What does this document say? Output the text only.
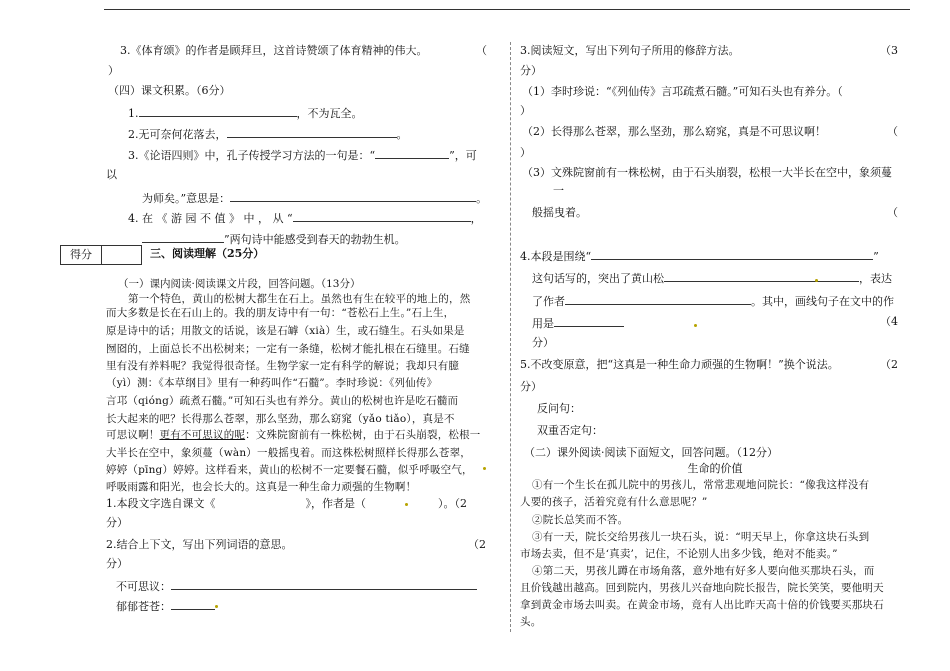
3.《体育颂》的作者是顾拜旦，这首诗赞颂了体育精神的伟大。	（
）
（四）课文积累。（6分）
1.	，不为瓦全。
2.无可奈何花落去，	。
3.《论语四则》中，孔子传授学习方法的一句是：“	”，可
以
为师矣。”意思是：	。
4. 在 《 游 园 不 值 》 中 ， 从 “	，
”两句诗中能感受到春天的勃勃生机。
得分	三、阅读理解（25分）
（一）课内阅读·阅读课文片段，回答问题。（13分）
第一个特色，黄山的松树大都生在石上。虽然也有生在较平的地上的，然
而大多数是长在石山上的。我的朋友诗中有一句：“苍松石上生。”石上生，
原是诗中的话；用散文的话说，该是石罅（xià）生，或石缝生。石头如果是
囫囵的，上面总长不出松树来；一定有一条缝，松树才能扎根在石缝里。石缝
里有没有养料呢？我觉得很奇怪。生物学家一定有科学的解说；我却只有臆
（yì）测：《本草纲目》里有一种药叫作“石髓”。李时珍说：《列仙传》
言邛（qióng）疏煮石髓。”可知石头也有养分。黄山的松树也许是吃石髓而
长大起来的吧？长得那么苍翠，那么坚劲，那么窈窕（yǎo tiǎo），真是不
可思议啊！更有不可思议的呢：文殊院窗前有一株松树，由于石头崩裂，松根一
大半长在空中，象须蔓（wàn）一般摇曳着。而这株松树照样长得那么苍翠，
婷婷（pīng）婷婷。这样看来，黄山的松树不一定要餐石髓，似乎呼吸空气，
呼吸雨露和阳光，也会长大的。这真是一种生命力顽强的生物啊！
1.本段文字选自课文《	》，作者是（	）。（2
分）
2.结合上下文，写出下列词语的意思。	（2
分）
不可思议：
郁郁苍苍：
3.阅读短文，写出下列句子所用的修辞方法。	（3
分）
（1）李时珍说：“《列仙传》言邛疏煮石髓。”可知石头也有养分。（
）
（2）长得那么苍翠，那么坚劲，那么窈窕，真是不可思议啊！	（
）
（3）文殊院窗前有一株松树，由于石头崩裂，松根一大半长在空中，象须蔓
一
般摇曳着。	（
4.本段是围绕“	”
这句话写的，突出了黄山松	，表达
了作者	。其中，画线句子在文中的作
用是	（4
分）
5.不改变原意，把“这真是一种生命力顽强的生物啊！”换个说法。	（2
分）
反问句：
双重否定句：
（二）课外阅读·阅读下面短文，回答问题。（12分）
生命的价值
①有一个生长在孤儿院中的男孩儿，常常悲观地问院长：“像我这样没有
人要的孩子，活着究竟有什么意思呢？”
②院长总笑而不答。
③有一天，院长交给男孩儿一块石头，说：“明天早上，你拿这块石头到
市场去卖，但不是‘真卖’，记住，不论别人出多少钱，绝对不能卖。”
④第二天，男孩儿蹲在市场角落，意外地有好多人要向他买那块石头，而
且价钱越出越高。回到院内，男孩儿兴奋地向院长报告，院长笑笑，要他明天
拿到黄金市场去叫卖。在黄金市场，竟有人出比昨天高十倍的价钱要买那块石
头。
